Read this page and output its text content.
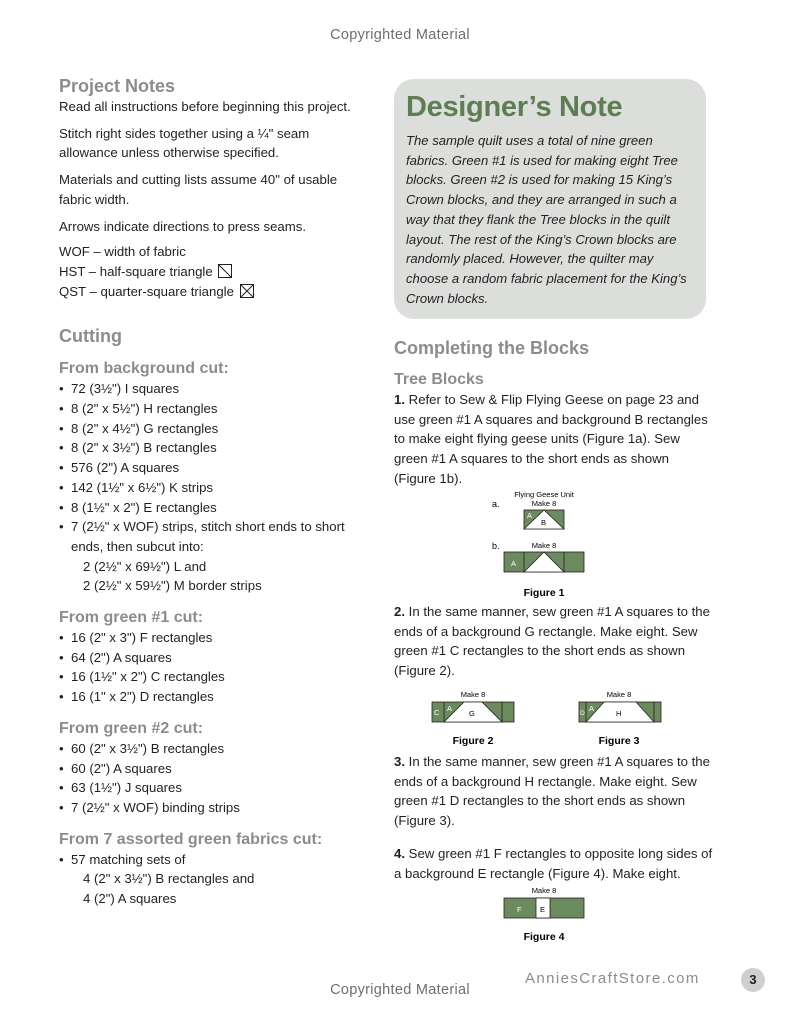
Copyrighted Material
Project Notes

Read all instructions before beginning this project.

Stitch right sides together using a ¼" seam allowance unless otherwise specified.

Materials and cutting lists assume 40" of usable fabric width.

Arrows indicate directions to press seams.

WOF – width of fabric
HST – half-square triangle
QST – quarter-square triangle
Cutting
From background cut:
• 72 (3½") I squares
• 8 (2" x 5½") H rectangles
• 8 (2" x 4½") G rectangles
• 8 (2" x 3½") B rectangles
• 576 (2") A squares
• 142 (1½" x 6½") K strips
• 8 (1½" x 2") E rectangles
• 7 (2½" x WOF) strips, stitch short ends to short ends, then subcut into:
2 (2½" x 69½") L and
2 (2½" x 59½") M border strips
From green #1 cut:
• 16 (2" x 3") F rectangles
• 64 (2") A squares
• 16 (1½" x 2") C rectangles
• 16 (1" x 2") D rectangles
From green #2 cut:
• 60 (2" x 3½") B rectangles
• 60 (2") A squares
• 63 (1½") J squares
• 7 (2½" x WOF) binding strips
From 7 assorted green fabrics cut:
• 57 matching sets of
4 (2" x 3½") B rectangles and
4 (2") A squares
Designer’s Note
The sample quilt uses a total of nine green fabrics. Green #1 is used for making eight Tree blocks. Green #2 is used for making 15 King’s Crown blocks, and they are arranged in such a way that they flank the Tree blocks in the quilt layout. The rest of the King’s Crown blocks are randomly placed. However, the quilter may choose a random fabric placement for the King’s Crown blocks.
Completing the Blocks
Tree Blocks

1. Refer to Sew & Flip Flying Geese on page 23 and use green #1 A squares and background B rectangles to make eight flying geese units (Figure 1a). Sew green #1 A squares to the short ends as shown (Figure 1b).

Flying Geese Unit
Make 8
a.
A
B
Make 8
b.
A
Figure 1

2. In the same manner, sew green #1 A squares to the ends of a background G rectangle. Make eight. Sew green #1 C rectangles to the short ends as shown (Figure 2).

Make 8
C A
G
Figure 2
Make 8
D
A
H
Figure 3

3. In the same manner, sew green #1 A squares to the ends of a background H rectangle. Make eight. Sew green #1 D rectangles to the short ends as shown (Figure 3).

4. Sew green #1 F rectangles to opposite long sides of a background E rectangle (Figure 4). Make eight.

Make 8
F E
Figure 4
AnniesCraftStore.com	3
Copyrighted Material
